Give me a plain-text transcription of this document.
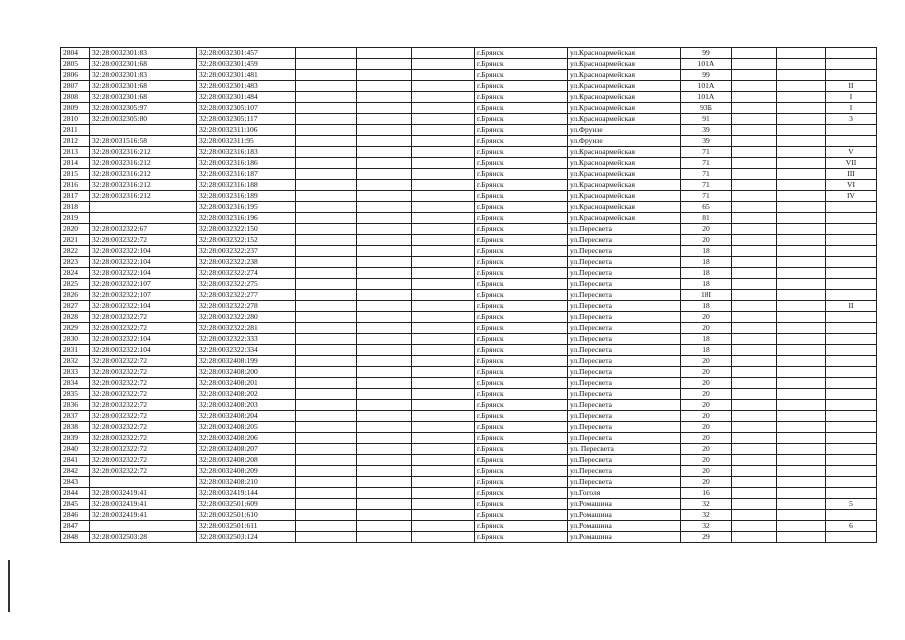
2804	32:28:0032301:83	32:28:0032301:457				г.Брянск	ул.Красноармейская	99			
2805	32:28:0032301:68	32:28:0032301:459				г.Брянск	ул.Красноармейская	101А			
2806	32:28:0032301:83	32:28:0032301:481				г.Брянск	ул.Красноармейская	99			
2807	32:28:0032301:68	32:28:0032301:483				г.Брянск	ул.Красноармейская	101А			II
2808	32:28:0032301:68	32:28:0032301:484				г.Брянск	ул.Красноармейская	101А			I
2809	32:28:0032305:97	32:28:0032305:107				г.Брянск	ул.Красноармейская	93Б			I
2810	32:28:0032305:80	32:28:0032305:117				г.Брянск	ул.Красноармейская	91			3
2811		32:28:0032311:106				г.Брянск	ул.Фрунзе	39			
2812	32:28:0031516:58	32:28:0032311:95				г.Брянск	ул.Фрунзе	39			
2813	32:28:0032316:212	32:28:0032316:183				г.Брянск	ул.Красноармейская	71			V
2814	32:28:0032316:212	32:28:0032316:186				г.Брянск	ул.Красноармейская	71			VII
2815	32:28:0032316:212	32:28:0032316:187				г.Брянск	ул.Красноармейская	71			III
2816	32:28:0032316:212	32:28:0032316:188				г.Брянск	ул.Красноармейская	71			VI
2817	32:28:0032316:212	32:28:0032316:189				г.Брянск	ул.Красноармейская	71			IV
2818		32:28:0032316:195				г.Брянск	ул.Красноармейская	65			
2819		32:28:0032316:196				г.Брянск	ул.Красноармейская	81			
2820	32:28:0032322:67	32:28:0032322:150				г.Брянск	ул.Пересвета	20			
2821	32:28:0032322:72	32:28:0032322:152				г.Брянск	ул.Пересвета	20			
2822	32:28:0032322:104	32:28:0032322:237				г.Брянск	ул.Пересвета	18			
2823	32:28:0032322:104	32:28:0032322:238				г.Брянск	ул.Пересвета	18			
2824	32:28:0032322:104	32:28:0032322:274				г.Брянск	ул.Пересвета	18			
2825	32:28:0032322:107	32:28:0032322:275				г.Брянск	ул.Пересвета	18			
2826	32:28:0032322:107	32:28:0032322:277				г.Брянск	ул.Пересвета	18I			
2827	32:28:0032322:104	32:28:0032322:278				г.Брянск	ул.Пересвета	18			II
2828	32:28:0032322:72	32:28:0032322:280				г.Брянск	ул.Пересвета	20			
2829	32:28:0032322:72	32:28:0032322:281				г.Брянск	ул.Пересвета	20			
2830	32:28:0032322:104	32:28:0032322:333				г.Брянск	ул.Пересвета	18			
2831	32:28:0032322:104	32:28:0032322:334				г.Брянск	ул.Пересвета	18			
2832	32:28:0032322:72	32:28:0032408:199				г.Брянск	ул.Пересвета	20			
2833	32:28:0032322:72	32:28:0032408:200				г.Брянск	ул.Пересвета	20			
2834	32:28:0032322:72	32:28:0032408:201				г.Брянск	ул.Пересвета	20			
2835	32:28:0032322:72	32:28:0032408:202				г.Брянск	ул.Пересвета	20			
2836	32:28:0032322:72	32:28:0032408:203				г.Брянск	ул.Пересвета	20			
2837	32:28:0032322:72	32:28:0032408:204				г.Брянск	ул.Пересвета	20			
2838	32:28:0032322:72	32:28:0032408:205				г.Брянск	ул.Пересвета	20			
2839	32:28:0032322:72	32:28:0032408:206				г.Брянск	ул.Пересвета	20			
2840	32:28:0032322:72	32:28:0032408:207				г.Брянск	ул. Пересвета	20			
2841	32:28:0032322:72	32:28:0032408:208				г.Брянск	ул.Пересвета	20			
2842	32:28:0032322:72	32:28:0032408:209				г.Брянск	ул.Пересвета	20			
2843		32:28:0032408:210				г.Брянск	ул.Пересвета	20			
2844	32:28:0032419:41	32:28:0032419:144				г.Брянск	ул.Гоголя	16			
2845	32:28:0032419:41	32:28:0032501:609				г.Брянск	ул.Ромашина	32			5
2846	32:28:0032419:41	32:28:0032501:610				г.Брянск	ул.Ромашина	32			
2847		32:28:0032501:611				г.Брянск	ул.Ромашина	32			6
2848	32:28:0032503:28	32:28:0032503:124				г.Брянск	ул.Ромашина	29			
